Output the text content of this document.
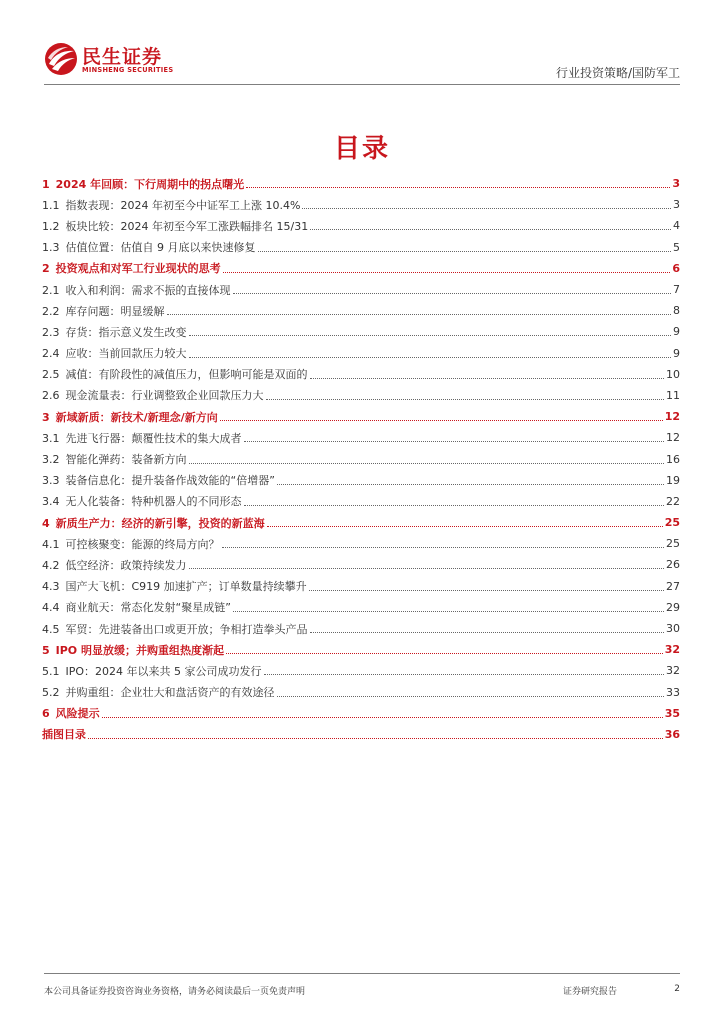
民生证券
MINSHENG SECURITIES	行业投资策略/国防军工
目录
1 2024 年回顾：下行周期中的拐点曙光	3
1.1 指数表现：2024 年初至今中证军工上涨 10.4%	3
1.2 板块比较：2024 年初至今军工涨跌幅排名 15/31	4
1.3 估值位置：估值自 9 月底以来快速修复	5
2 投资观点和对军工行业现状的思考	6
2.1 收入和利润：需求不振的直接体现	7
2.2 库存问题：明显缓解	8
2.3 存货：指示意义发生改变	9
2.4 应收：当前回款压力较大	9
2.5 减值：有阶段性的减值压力，但影响可能是双面的	10
2.6 现金流量表：行业调整致企业回款压力大	11
3 新域新质：新技术/新理念/新方向	12
3.1 先进飞行器：颠覆性技术的集大成者	12
3.2 智能化弹药：装备新方向	16
3.3 装备信息化：提升装备作战效能的“倍增器”	19
3.4 无人化装备：特种机器人的不同形态	22
4 新质生产力：经济的新引擎，投资的新蓝海	25
4.1 可控核聚变：能源的终局方向？	25
4.2 低空经济：政策持续发力	26
4.3 国产大飞机：C919 加速扩产；订单数量持续攀升	27
4.4 商业航天：常态化发射“聚星成链”	29
4.5 军贸：先进装备出口或更开放；争相打造拳头产品	30
5 IPO 明显放缓；并购重组热度渐起	32
5.1 IPO：2024 年以来共 5 家公司成功发行	32
5.2 并购重组：企业壮大和盘活资产的有效途径	33
6 风险提示	35
插图目录	36
本公司具备证券投资咨询业务资格，请务必阅读最后一页免责声明	证券研究报告	2
